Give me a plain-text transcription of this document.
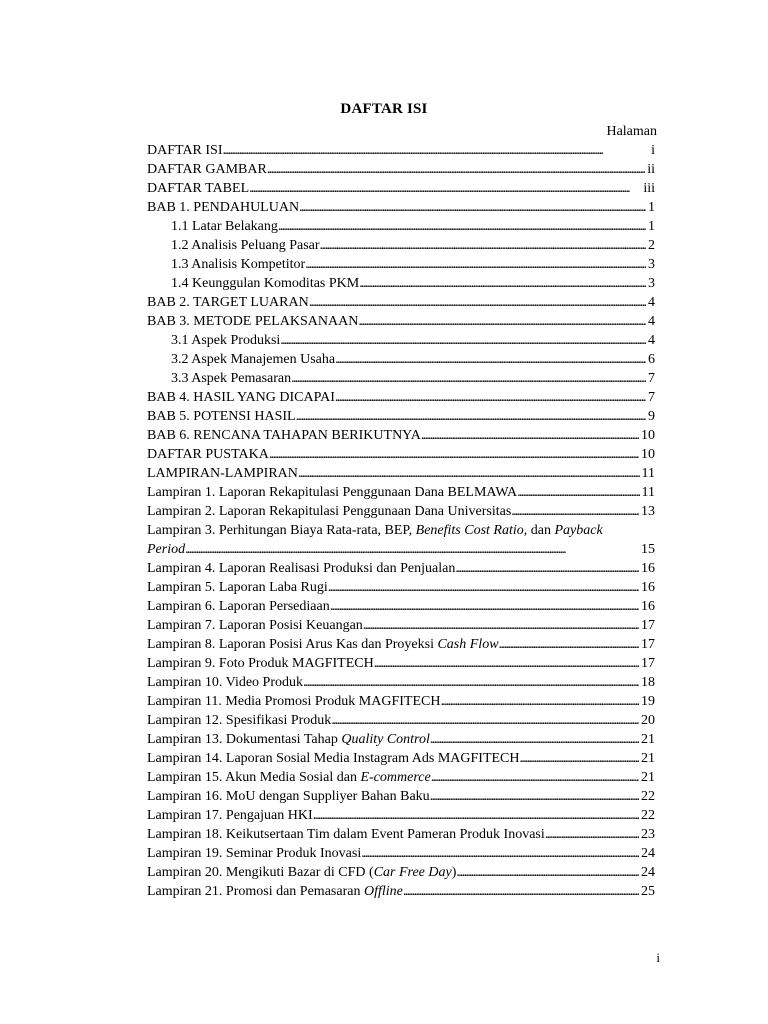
DAFTAR ISI
Halaman
DAFTAR ISI . . .	i
DAFTAR GAMBAR . . .	ii
DAFTAR TABEL . . .	iii
BAB 1. PENDAHULUAN . . .	1
1.1 Latar Belakang . . .	1
1.2 Analisis Peluang Pasar . . .	2
1.3 Analisis Kompetitor . . .	3
1.4 Keunggulan Komoditas PKM . . .	3
BAB 2. TARGET LUARAN . . .	4
BAB 3. METODE PELAKSANAAN . . .	4
3.1 Aspek Produksi . . .	4
3.2 Aspek Manajemen Usaha . . .	6
3.3 Aspek Pemasaran . . .	7
BAB 4. HASIL YANG DICAPAI . . .	7
BAB 5. POTENSI HASIL . . .	9
BAB 6. RENCANA TAHAPAN BERIKUTNYA . . .	10
DAFTAR PUSTAKA . . .	10
LAMPIRAN-LAMPIRAN . . .	11
Lampiran 1. Laporan Rekapitulasi Penggunaan Dana BELMAWA . . .	11
Lampiran 2. Laporan Rekapitulasi Penggunaan Dana Universitas . . .	13
Lampiran 3. Perhitungan Biaya Rata-rata, BEP, Benefits Cost Ratio, dan Payback
Period . . .	15
Lampiran 4. Laporan Realisasi Produksi dan Penjualan . . .	16
Lampiran 5. Laporan Laba Rugi . . .	16
Lampiran 6. Laporan Persediaan . . .	16
Lampiran 7. Laporan Posisi Keuangan . . .	17
Lampiran 8. Laporan Posisi Arus Kas dan Proyeksi Cash Flow . . .	17
Lampiran 9. Foto Produk MAGFITECH . . .	17
Lampiran 10. Video Produk . . .	18
Lampiran 11. Media Promosi Produk MAGFITECH . . .	19
Lampiran 12. Spesifikasi Produk . . .	20
Lampiran 13. Dokumentasi Tahap Quality Control . . .	21
Lampiran 14. Laporan Sosial Media Instagram Ads MAGFITECH . . .	21
Lampiran 15. Akun Media Sosial dan E-commerce . . .	21
Lampiran 16. MoU dengan Suppliyer Bahan Baku . . .	22
Lampiran 17. Pengajuan HKI . . .	22
Lampiran 18. Keikutsertaan Tim dalam Event Pameran Produk Inovasi . . .	23
Lampiran 19. Seminar Produk Inovasi . . .	24
Lampiran 20. Mengikuti Bazar di CFD (Car Free Day) . . .	24
Lampiran 21. Promosi dan Pemasaran Offline . . .	25
i
